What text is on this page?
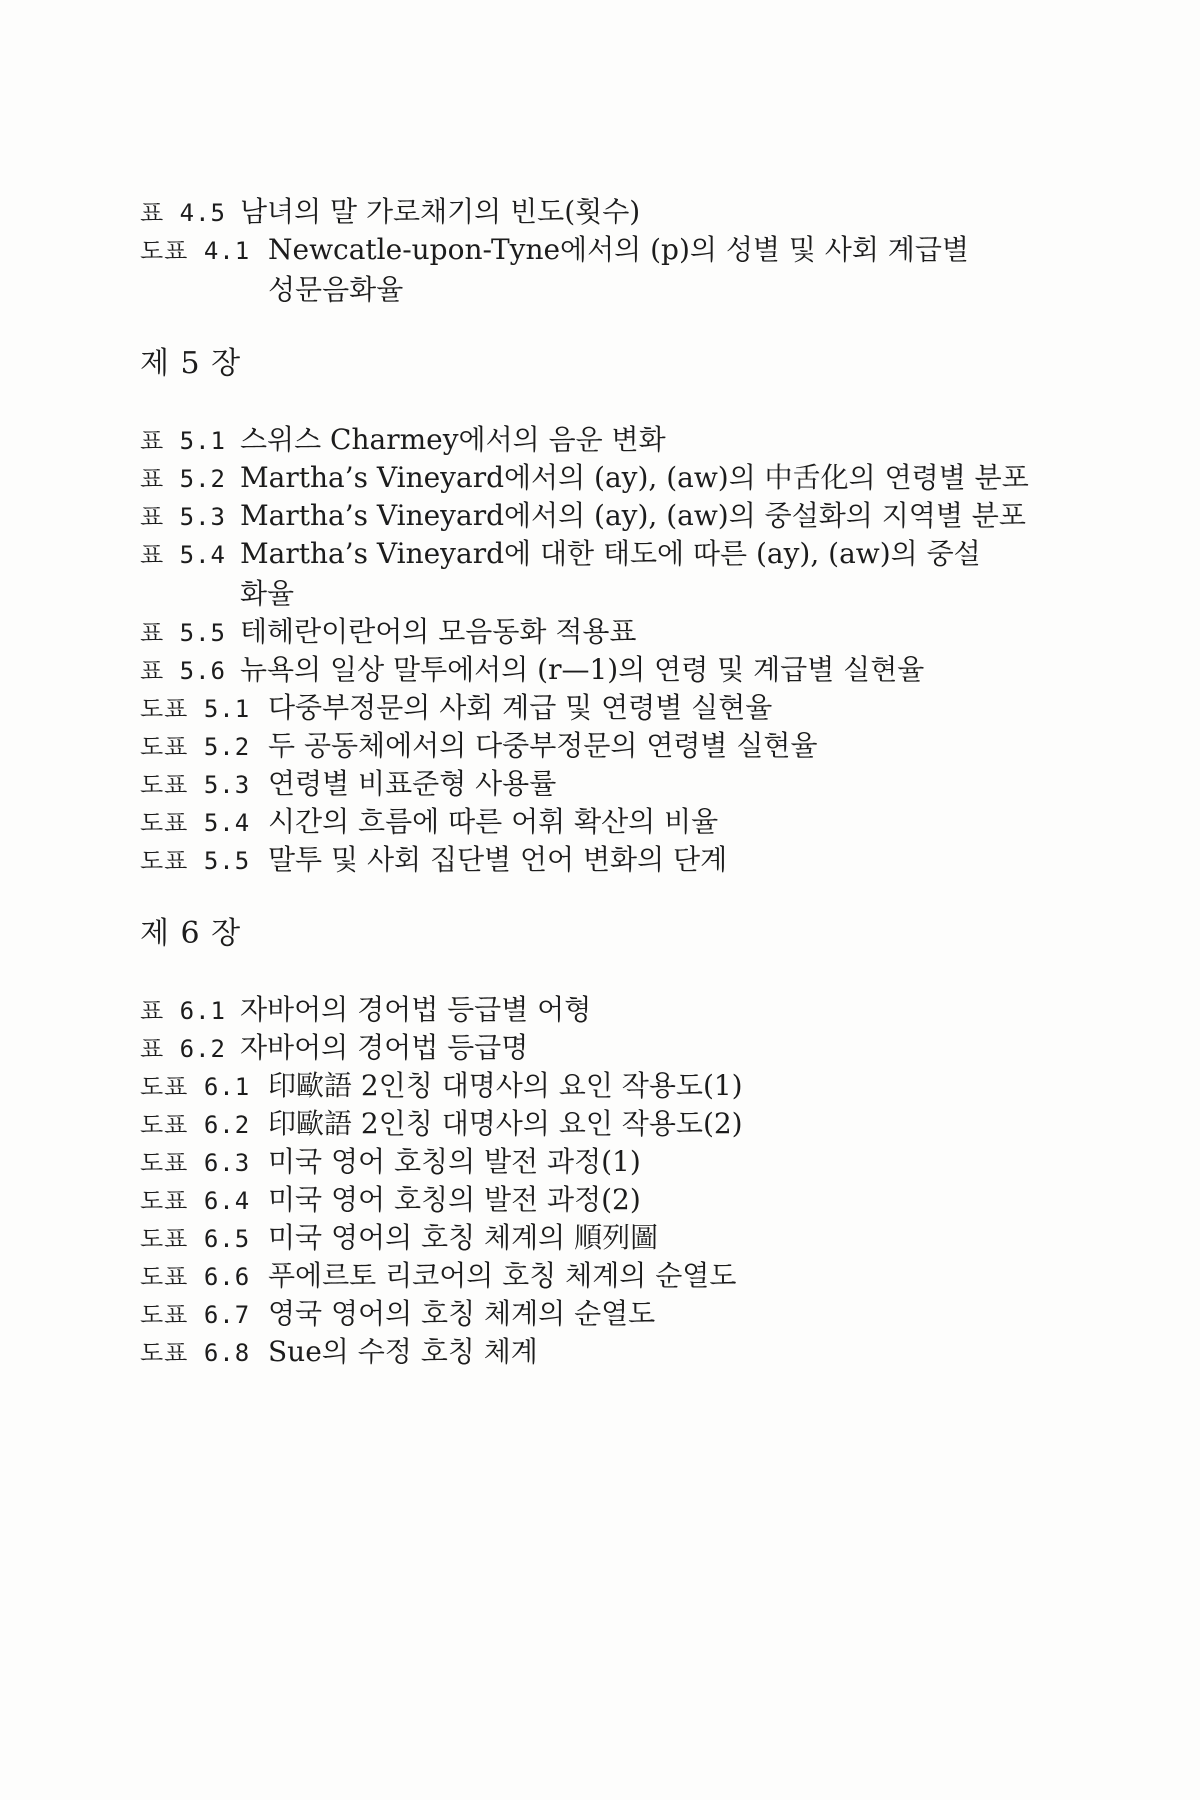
표 4.5 남녀의 말 가로채기의 빈도(횟수)
도표 4.1 Newcatle-upon-Tyne에서의 (p)의 성별 및 사회 계급별
성문음화율
제 5 장
표 5.1 스위스 Charmey에서의 음운 변화
표 5.2 Martha’s Vineyard에서의 (ay), (aw)의 中舌化의 연령별 분포
표 5.3 Martha’s Vineyard에서의 (ay), (aw)의 중설화의 지역별 분포
표 5.4 Martha’s Vineyard에 대한 태도에 따른 (ay), (aw)의 중설
화율
표 5.5 테헤란이란어의 모음동화 적용표
표 5.6 뉴욕의 일상 말투에서의 (r—1)의 연령 및 계급별 실현율
도표 5.1 다중부정문의 사회 계급 및 연령별 실현율
도표 5.2 두 공동체에서의 다중부정문의 연령별 실현율
도표 5.3 연령별 비표준형 사용률
도표 5.4 시간의 흐름에 따른 어휘 확산의 비율
도표 5.5 말투 및 사회 집단별 언어 변화의 단계
제 6 장
표 6.1 자바어의 경어법 등급별 어형
표 6.2 자바어의 경어법 등급명
도표 6.1 印歐語 2인칭 대명사의 요인 작용도(1)
도표 6.2 印歐語 2인칭 대명사의 요인 작용도(2)
도표 6.3 미국 영어 호칭의 발전 과정(1)
도표 6.4 미국 영어 호칭의 발전 과정(2)
도표 6.5 미국 영어의 호칭 체계의 順列圖
도표 6.6 푸에르토 리코어의 호칭 체계의 순열도
도표 6.7 영국 영어의 호칭 체계의 순열도
도표 6.8 Sue의 수정 호칭 체계
